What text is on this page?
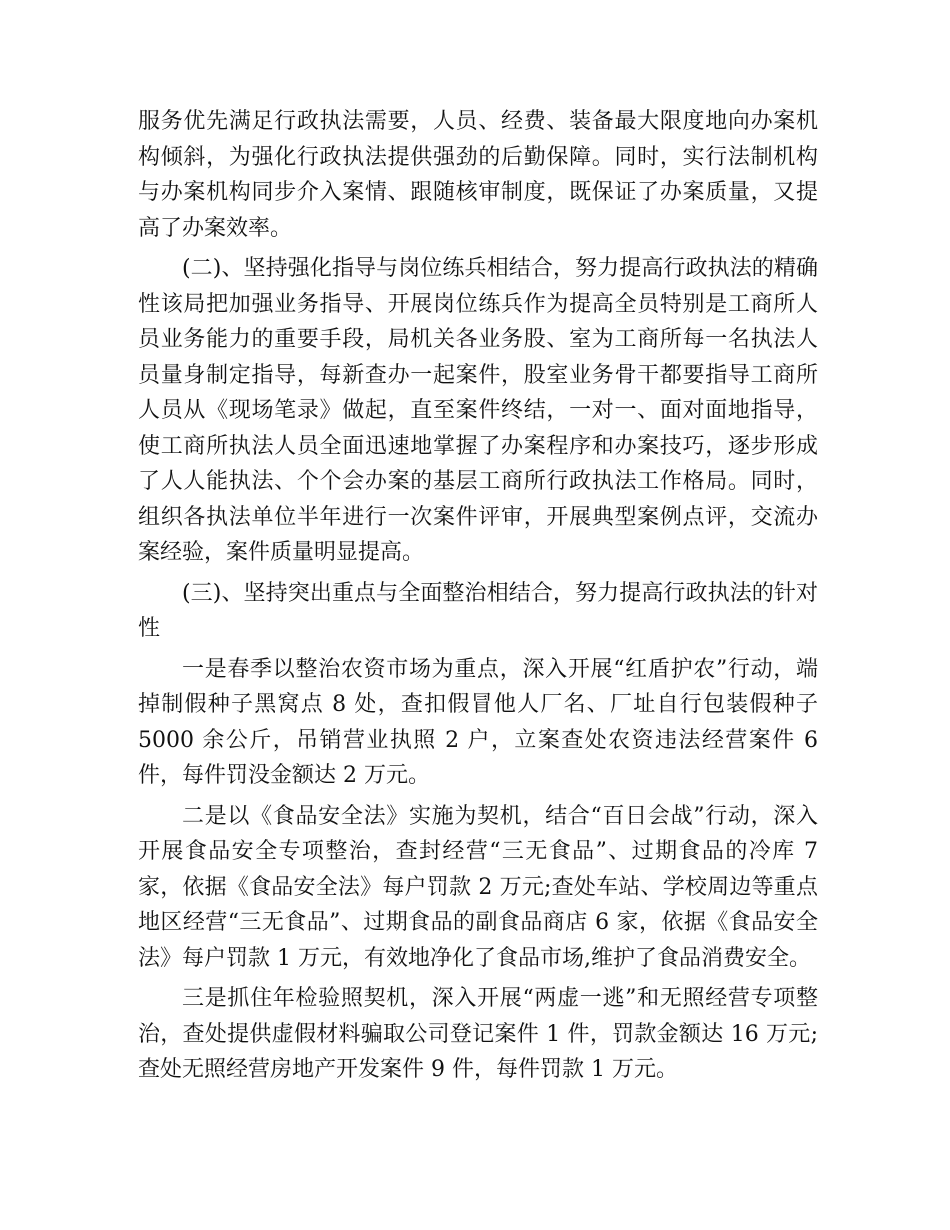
服务优先满足行政执法需要，人员、经费、装备最大限度地向办案机构倾斜，为强化行政执法提供强劲的后勤保障。同时，实行法制机构与办案机构同步介入案情、跟随核审制度，既保证了办案质量，又提高了办案效率。

(二)、坚持强化指导与岗位练兵相结合，努力提高行政执法的精确性该局把加强业务指导、开展岗位练兵作为提高全员特别是工商所人员业务能力的重要手段，局机关各业务股、室为工商所每一名执法人员量身制定指导，每新查办一起案件，股室业务骨干都要指导工商所人员从《现场笔录》做起，直至案件终结，一对一、面对面地指导，使工商所执法人员全面迅速地掌握了办案程序和办案技巧，逐步形成了人人能执法、个个会办案的基层工商所行政执法工作格局。同时，组织各执法单位半年进行一次案件评审，开展典型案例点评，交流办案经验，案件质量明显提高。

(三)、坚持突出重点与全面整治相结合，努力提高行政执法的针对性

一是春季以整治农资市场为重点，深入开展“红盾护农”行动，端掉制假种子黑窝点 8 处，查扣假冒他人厂名、厂址自行包装假种子 5000 余公斤，吊销营业执照 2 户，立案查处农资违法经营案件 6 件，每件罚没金额达 2 万元。

二是以《食品安全法》实施为契机，结合“百日会战”行动，深入开展食品安全专项整治，查封经营“三无食品”、过期食品的冷库 7 家，依据《食品安全法》每户罚款 2 万元;查处车站、学校周边等重点地区经营“三无食品”、过期食品的副食品商店 6 家，依据《食品安全法》每户罚款 1 万元，有效地净化了食品市场,维护了食品消费安全。

三是抓住年检验照契机，深入开展“两虚一逃”和无照经营专项整治，查处提供虚假材料骗取公司登记案件 1 件，罚款金额达 16 万元;查处无照经营房地产开发案件 9 件，每件罚款 1 万元。
